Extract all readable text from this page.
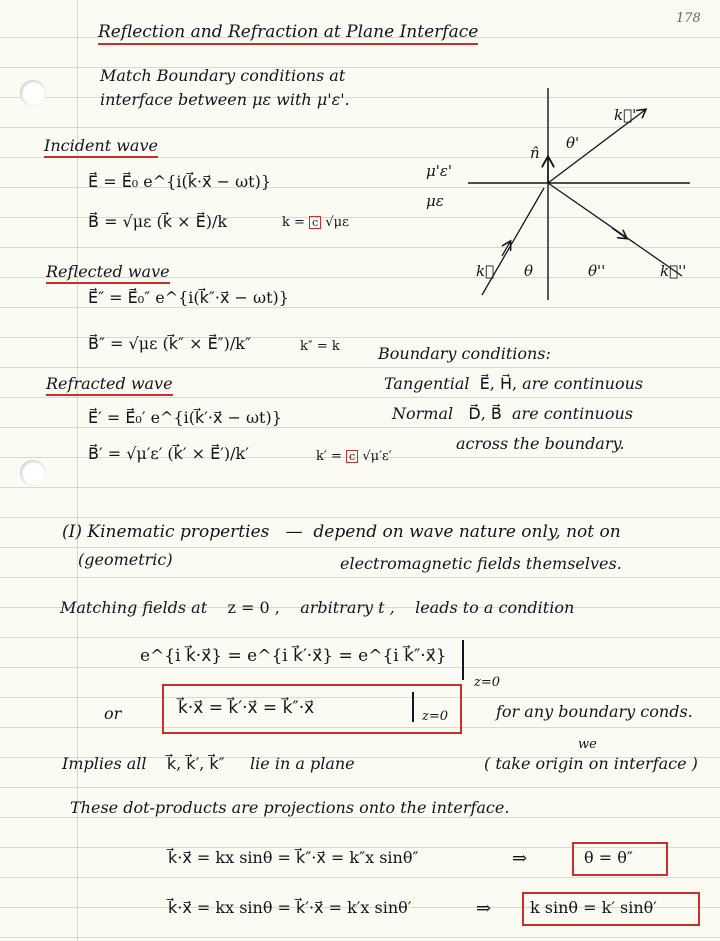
178
Reflection and Refraction at Plane Interface
Match Boundary conditions at
interface between με with μ'ε'.
Incident wave
E⃗ = E⃗₀ e^{i(k⃗·x⃗ − ωt)}
B⃗ = √με (k⃗ × E⃗)/k	k = c √με
Reflected wave
E⃗″ = E⃗₀″ e^{i(k⃗″·x⃗ − ωt)}
B⃗″ = √με (k⃗″ × E⃗″)/k″	k″ = k
Refracted wave
E⃗′ = E⃗₀′ e^{i(k⃗′·x⃗ − ωt)}
B⃗′ = √μ′ε′ (k⃗′ × E⃗′)/k′	k′ = c √μ′ε′
μ'ε'
με
n̂
θ'
k⃗'
k⃗ θ	θ''	k⃗''
Boundary conditions:
Tangential E⃗, H⃗, are continuous
Normal D⃗, B⃗ are continuous
across the boundary.
(I) Kinematic properties — depend on wave nature only, not on
(geometric)	electromagnetic fields themselves.
Matching fields at z = 0 , arbitrary t , leads to a condition
e^{i k⃗·x⃗} = e^{i k⃗′·x⃗} = e^{i k⃗″·x⃗}
z=0
or	k⃗·x⃗ = k⃗′·x⃗ = k⃗″·x⃗	z=0	for any boundary conds.
we
Implies all k⃗, k⃗′, k⃗″ lie in a plane	( take origin on interface )
These dot-products are projections onto the interface.
k⃗·x⃗ = kx sinθ = k⃗″·x⃗ = k″x sinθ″	⇒	θ = θ″
k⃗·x⃗ = kx sinθ = k⃗′·x⃗ = k′x sinθ′	⇒ k sinθ = k′ sinθ′
